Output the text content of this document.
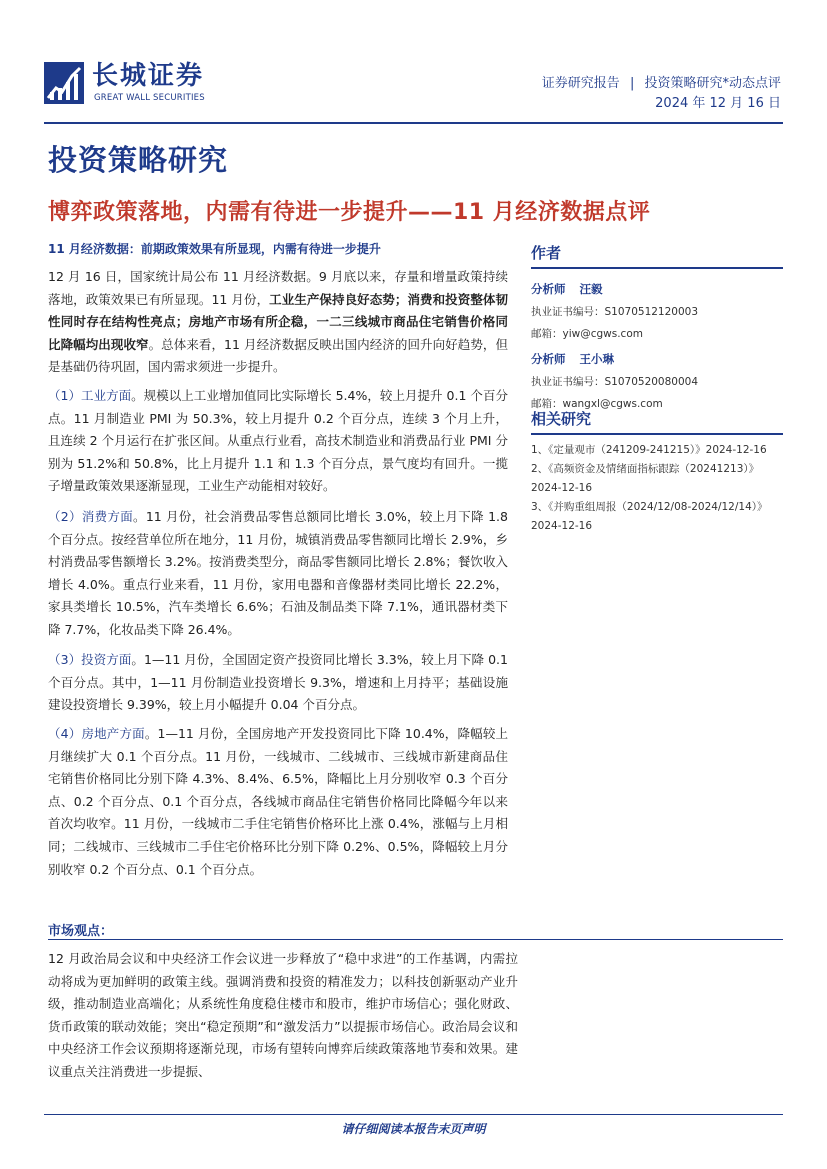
长城证券
GREAT WALL SECURITIES
证券研究报告 | 投资策略研究*动态点评
2024 年 12 月 16 日
投资策略研究
博弈政策落地，内需有待进一步提升——11 月经济数据点评
11 月经济数据：前期政策效果有所显现，内需有待进一步提升
12 月 16 日，国家统计局公布 11 月经济数据。9 月底以来，存量和增量政策持续落地，政策效果已有所显现。11 月份，工业生产保持良好态势；消费和投资整体韧性同时存在结构性亮点；房地产市场有所企稳，一二三线城市商品住宅销售价格同比降幅均出现收窄。总体来看，11 月经济数据反映出国内经济的回升向好趋势，但是基础仍待巩固，国内需求须进一步提升。
（1）工业方面。规模以上工业增加值同比实际增长 5.4%，较上月提升 0.1 个百分点。11 月制造业 PMI 为 50.3%，较上月提升 0.2 个百分点，连续 3 个月上升，且连续 2 个月运行在扩张区间。从重点行业看，高技术制造业和消费品行业 PMI 分别为 51.2%和 50.8%，比上月提升 1.1 和 1.3 个百分点，景气度均有回升。一揽子增量政策效果逐渐显现，工业生产动能相对较好。
（2）消费方面。11 月份，社会消费品零售总额同比增长 3.0%，较上月下降 1.8 个百分点。按经营单位所在地分，11 月份，城镇消费品零售额同比增长 2.9%，乡村消费品零售额增长 3.2%。按消费类型分，商品零售额同比增长 2.8%；餐饮收入增长 4.0%。重点行业来看，11 月份，家用电器和音像器材类同比增长 22.2%，家具类增长 10.5%，汽车类增长 6.6%；石油及制品类下降 7.1%，通讯器材类下降 7.7%，化妆品类下降 26.4%。
（3）投资方面。1—11 月份，全国固定资产投资同比增长 3.3%，较上月下降 0.1 个百分点。其中，1—11 月份制造业投资增长 9.3%，增速和上月持平；基础设施建设投资增长 9.39%，较上月小幅提升 0.04 个百分点。
（4）房地产方面。1—11 月份，全国房地产开发投资同比下降 10.4%，降幅较上月继续扩大 0.1 个百分点。11 月份，一线城市、二线城市、三线城市新建商品住宅销售价格同比分别下降 4.3%、8.4%、6.5%，降幅比上月分别收窄 0.3 个百分点、0.2 个百分点、0.1 个百分点，各线城市商品住宅销售价格同比降幅今年以来首次均收窄。11 月份，一线城市二手住宅销售价格环比上涨 0.4%，涨幅与上月相同；二线城市、三线城市二手住宅价格环比分别下降 0.2%、0.5%，降幅较上月分别收窄 0.2 个百分点、0.1 个百分点。
市场观点：
12 月政治局会议和中央经济工作会议进一步释放了“稳中求进”的工作基调，内需拉动将成为更加鲜明的政策主线。强调消费和投资的精准发力；以科技创新驱动产业升级，推动制造业高端化；从系统性角度稳住楼市和股市，维护市场信心；强化财政、货币政策的联动效能；突出“稳定预期”和“激发活力”以提振市场信心。政治局会议和中央经济工作会议预期将逐渐兑现，市场有望转向博弈后续政策落地节奏和效果。建议重点关注消费进一步提振、
作者
分析师 汪毅
执业证书编号：S1070512120003
邮箱：yiw@cgws.com
分析师 王小琳
执业证书编号：S1070520080004
邮箱：wangxl@cgws.com
相关研究
1、《定量观市（241209-241215）》2024-12-16
2、《高频资金及情绪面指标跟踪（20241213）》
2024-12-16
3、《并购重组周报（2024/12/08-2024/12/14）》
2024-12-16
请仔细阅读本报告末页声明
